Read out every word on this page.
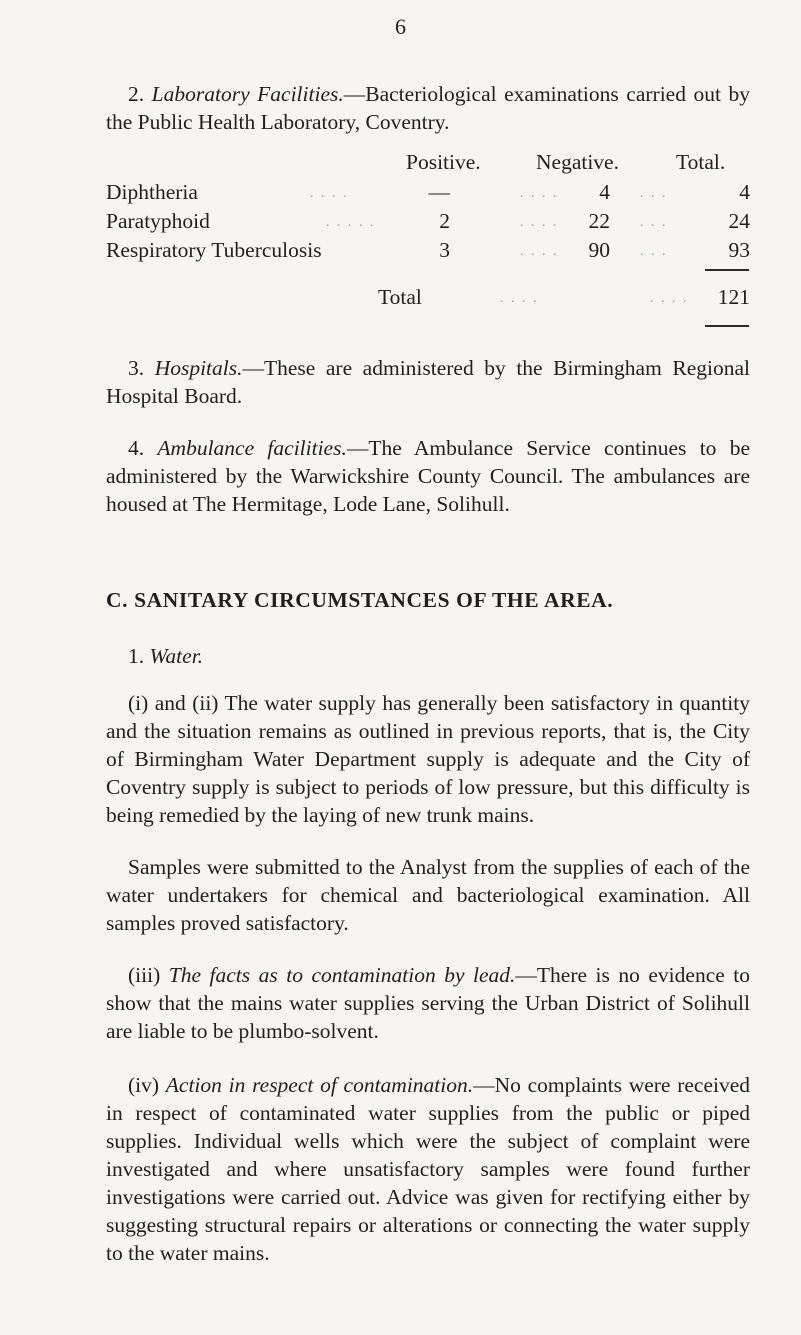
6
2. Laboratory Facilities.—Bacteriological examinations carried out by the Public Health Laboratory, Coventry.
Positive.	Negative.	Total.
Diphtheria	. . . .	—	. . . .	4 . . .	4
Paratyphoid	. . . . .	2	. . . .	22 . . .	24
Respiratory Tuberculosis	3	. . . .	90 . . .	93
Total	. . . .	. . . .	121
3. Hospitals.—These are administered by the Birmingham Regional Hospital Board.
4. Ambulance facilities.—The Ambulance Service continues to be administered by the Warwickshire County Council. The ambulances are housed at The Hermitage, Lode Lane, Solihull.
C. SANITARY CIRCUMSTANCES OF THE AREA.
1. Water.
(i) and (ii) The water supply has generally been satisfactory in quantity and the situation remains as outlined in previous reports, that is, the City of Birmingham Water Department supply is adequate and the City of Coventry supply is subject to periods of low pressure, but this difficulty is being remedied by the laying of new trunk mains.
Samples were submitted to the Analyst from the supplies of each of the water undertakers for chemical and bacteriological examination. All samples proved satisfactory.
(iii) The facts as to contamination by lead.—There is no evidence to show that the mains water supplies serving the Urban District of Solihull are liable to be plumbo-solvent.
(iv) Action in respect of contamination.—No complaints were received in respect of contaminated water supplies from the public or piped supplies. Individual wells which were the subject of complaint were investigated and where unsatisfactory samples were found further investigations were carried out. Advice was given for rectifying either by suggesting structural repairs or alterations or connecting the water supply to the water mains.
